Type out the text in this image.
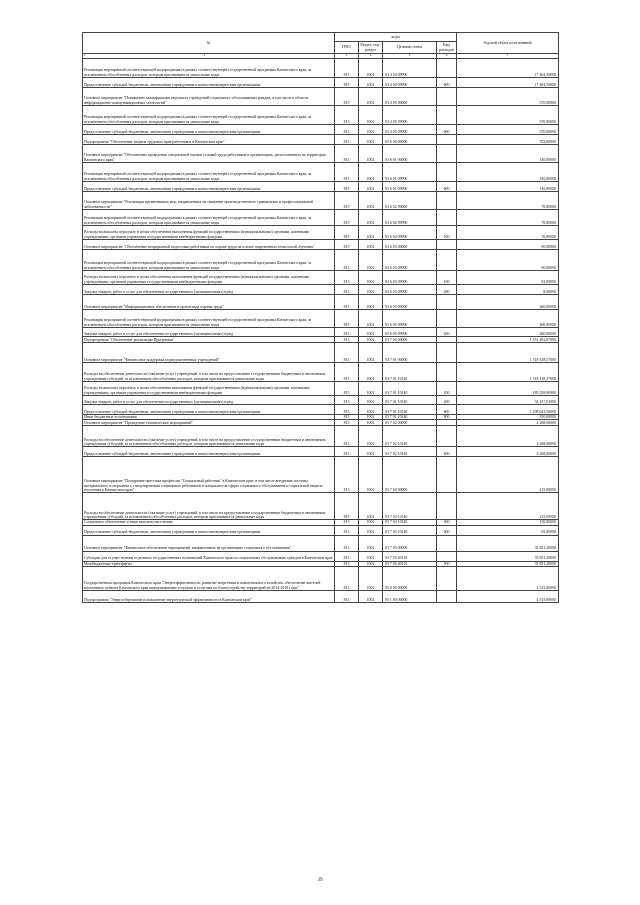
№	коды				Годовой объем ассигнований
	ГРБС	Раздел, под-раздел	Целевая статья	Вид расходов	
1 2	3	4	5	6	7
Реализация мероприятий соответствующей подпрограммы в рамках соответствующей государственной программы Камчатского края, за исключением обособленных расходов, которым присваиваются уникальные коды	815	1002	03 4 04 09990		17 464,50000
Предоставление субсидий бюджетным, автономным учреждениям и иным некоммерческим организациям	815	1002	03 4 04 09990	600	17 464,50000
Основное мероприятие "Повышение квалификации персонала учреждений социального обслуживания граждан, в том числе в области информационно-коммуникационных технологий"	815	1002	03 4 05 00000		570,00000
Реализация мероприятий соответствующей подпрограммы в рамках соответствующей государственной программы Камчатского края, за исключением обособленных расходов, которым присваиваются уникальные коды	815	1002	03 4 05 09990		570,00000
Предоставление субсидий бюджетным, автономным учреждениям и иным некоммерческим организациям	815	1002	03 4 05 09990	600	570,00000
Подпрограмма "Обеспечение защиты трудовых прав работников в Камчатском крае"	815	1002	03 6 00 00000		702,00000
Основное мероприятие "Обеспечение проведения специальной оценки условий труда работников в организациях, расположенных на территории Камчатского края"	815	1002	03 6 01 00000		336,00000
Реализация мероприятий соответствующей подпрограммы в рамках соответствующей государственной программы Камчатского края, за исключением обособленных расходов, которым присваиваются уникальные коды	815	1002	03 6 01 09990		336,00000
Предоставление субсидий бюджетным, автономным учреждениям и иным некоммерческим организациям	815	1002	03 6 01 09990	600	336,00000
Основное мероприятие "Реализация превентивных мер, направленных на снижение производственного травматизма и профессиональной заболеваемости"	815	1002	03 6 02 00000		76,00000
Реализация мероприятий соответствующей подпрограммы в рамках соответствующей государственной программы Камчатского края, за исключением обособленных расходов, которым присваиваются уникальные коды	815	1002	03 6 02 09990		76,00000
Расходы на выплаты персоналу в целях обеспечения выполнения функций государственными (муниципальными) органами, казенными учреждениями, органами управления государственными внебюджетными фондами	815	1002	03 6 02 09990	100	76,00000
Основное мероприятие "Обеспечение непрерывной подготовки работников по охране труда на основе современных технологий обучения"	815	1002	03 6 03 00000		90,00000
Реализация мероприятий соответствующей подпрограммы в рамках соответствующей государственной программы Камчатского края, за исключением обособленных расходов, которым присваиваются уникальные коды	815	1002	03 6 03 09990		90,00000
Расходы на выплаты персоналу в целях обеспечения выполнения функций государственными (муниципальными) органами, казенными учреждениями, органами управления государственными внебюджетными фондами	815	1002	03 6 03 09990	100	82,00000
Закупка товаров, работ и услуг для обеспечения государственных (муниципальных) нужд	815	1002	03 6 03 09990	200	8,00000
Основное мероприятие "Информационное обеспечение и пропаганда охраны труда"	815	1002	03 6 05 00000		260,00000
Реализация мероприятий соответствующей подпрограммы в рамках соответствующей государственной программы Камчатского края, за исключением обособленных расходов, которым присваиваются уникальные коды	815	1002	03 6 05 09990		260,00000
Закупка товаров, работ и услуг для обеспечения государственных (муниципальных) нужд	815	1002	03 6 05 09990	200	260,00000
Подпрограмма "Обеспечение реализации Программы"	815	1002	03 7 00 00000		1 551 492,87000
Основное мероприятие "Финансовое поддержка подведомственных учреждений"	815	1002	03 7 01 00000		1 518 158,57000
Расходы на обеспечение деятельности (оказание услуг) учреждений, в том числе на предоставление государственным бюджетным и автономным учреждениям субсидий, за исключением обособленных расходов, которым присваиваются уникальные коды	815	1002	03 7 01 10140		1 518 158,57000
Расходы на выплаты персоналу в целях обеспечения выполнения функций государственными (муниципальными) органами, казенными учреждениями, органами управления государственными внебюджетными фондами	815	1002	03 7 01 10140	100	185 528,00000
Закупка товаров, работ и услуг для обеспечения государственных (муниципальных) нужд	815	1002	03 7 01 10140	200	34 237,01000
Предоставление субсидий бюджетным, автономным учреждениям и иным некоммерческим организациям	815	1002	03 7 01 10140	600	1 298 043,56000
Иные бюджетные ассигнования	815	1002	03 7 01 10140	800	350,00000
Основное мероприятие "Проведение тематических мероприятий"	815	1002	03 7 02 00000		4 268,00000
Расходы на обеспечение деятельности (оказание услуг) учреждений, в том числе на предоставление государственным бюджетным и автономным учреждениям субсидий, за исключением обособленных расходов, которым присваиваются уникальные коды	815	1002	03 7 02 10140		4 268,00000
Предоставление субсидий бюджетным, автономным учреждениям и иным некоммерческим организациям	815	1002	03 7 02 10140	600	4 268,00000
Основное мероприятие "Поощрение престижа профессии "Социальный работник" в Камчатском крае, в том числе внедрение системы материального и морального стимулирования социальных работников и специалистов сферы социального обслуживания и социальной защиты населения в Камчатском крае"	815	1002	03 7 04 00000		215,00000
Расходы на обеспечение деятельности (оказание услуг) учреждений, в том числе на предоставление государственным бюджетным и автономным учреждениям субсидий, за исключением обособленных расходов, которым присваиваются уникальные коды	815	1002	03 7 04 10140		215,00000
Социальное обеспечение и иные выплаты населению	815	1002	03 7 04 10140	300	150,00000
Предоставление субсидий бюджетным, автономным учреждениям и иным некоммерческим организациям	815	1002	03 7 04 10140	600	65,00000
Основное мероприятие "Финансовое обеспечение мероприятий, направленных на организацию социального обслуживания"	815	1002	03 7 05 00000		35 851,30000
Субсидии для осуществления отдельных государственных полномочий Камчатского края по социальному обслуживанию граждан в Камчатском крае	815	1002	03 7 05 40110		35 851,30000
Межбюджетные трансферты	815	1002	03 7 05 40110	500	35 851,30000
Государственная программа Камчатского края "Энергоэффективность, развитие энергетики и коммунального хозяйства, обеспечение жителей населенных пунктов Камчатского края коммунальными услугами и услугами по благоустройству территорий на 2014-2018 годы"	815	1002	05 0 00 00000		4 515,00000
Подпрограмма "Энергосбережение и повышение энергетической эффективности в Камчатском крае"	815	1002	05 1 00 00000		4 515,00000
39
